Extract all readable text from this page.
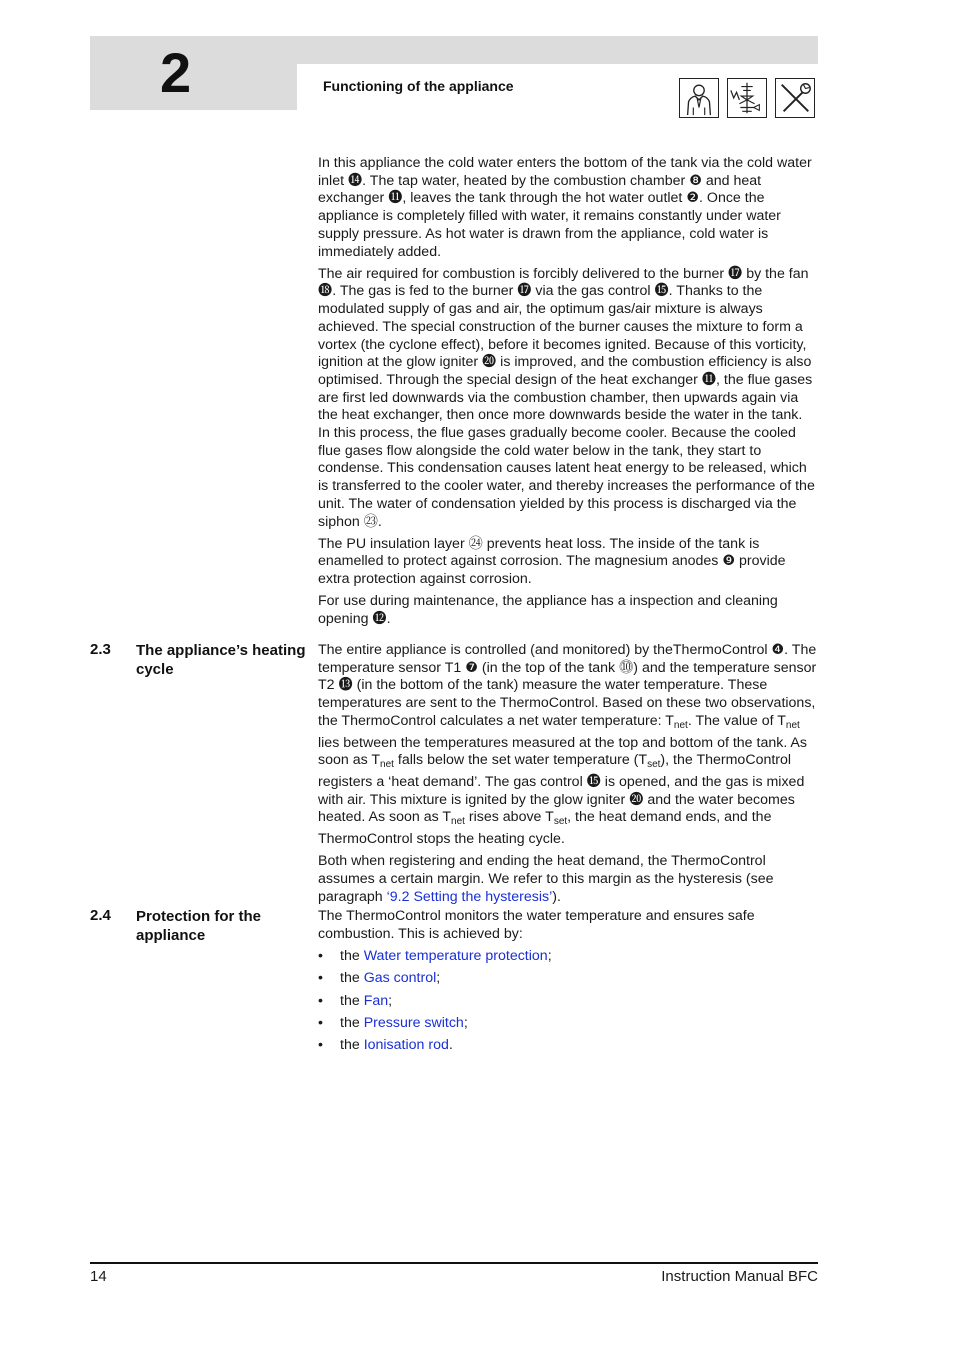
2	Functioning of the appliance

In this appliance the cold water enters the bottom of the tank via the cold water inlet ⓮. The tap water, heated by the combustion chamber ❽ and heat exchanger ⓫, leaves the tank through the hot water outlet ❷. Once the appliance is completely filled with water, it remains constantly under water supply pressure. As hot water is drawn from the appliance, cold water is immediately added.

The air required for combustion is forcibly delivered to the burner ⓱ by the fan ⓲. The gas is fed to the burner ⓱ via the gas control ⓯. Thanks to the modulated supply of gas and air, the optimum gas/air mixture is always achieved. The special construction of the burner causes the mixture to form a vortex (the cyclone effect), before it becomes ignited. Because of this vorticity, ignition at the glow igniter ⓴ is improved, and the combustion efficiency is also optimised. Through the special design of the heat exchanger ⓫, the flue gases are first led downwards via the combustion chamber, then upwards again via the heat exchanger, then once more downwards beside the water in the tank. In this process, the flue gases gradually become cooler. Because the cooled flue gases flow alongside the cold water below in the tank, they start to condense. This condensation causes latent heat energy to be released, which is transferred to the cooler water, and thereby increases the performance of the unit. The water of condensation yielded by this process is discharged via the siphon ㉓.

The PU insulation layer ㉔ prevents heat loss. The inside of the tank is enamelled to protect against corrosion. The magnesium anodes ❾ provide extra protection against corrosion.

For use during maintenance, the appliance has a inspection and cleaning opening ⓬.

2.3 The appliance’s heating cycle

The entire appliance is controlled (and monitored) by theThermoControl ❹. The temperature sensor T1 ❼ (in the top of the tank ⓾) and the temperature sensor T2 ⓭ (in the bottom of the tank) measure the water temperature. These temperatures are sent to the ThermoControl. Based on these two observations, the ThermoControl calculates a net water temperature: $T_{net}$. The value of $T_{net}$ lies between the temperatures measured at the top and bottom of the tank. As soon as $T_{net}$ falls below the set water temperature $(T_{set})$, the ThermoControl registers a ‘heat demand’. The gas control ⓯ is opened, and the gas is mixed with air. This mixture is ignited by the glow igniter ⓴ and the water becomes heated. As soon as $T_{net}$ rises above $T_{set}$, the heat demand ends, and the ThermoControl stops the heating cycle.

Both when registering and ending the heat demand, the ThermoControl assumes a certain margin. We refer to this margin as the hysteresis (see paragraph ‘9.2 Setting the hysteresis’).

2.4 Protection for the appliance

The ThermoControl monitors the water temperature and ensures safe combustion. This is achieved by:

• the Water temperature protection;
• the Gas control;
• the Fan;
• the Pressure switch;
• the Ionisation rod.
14	Instruction Manual BFC
